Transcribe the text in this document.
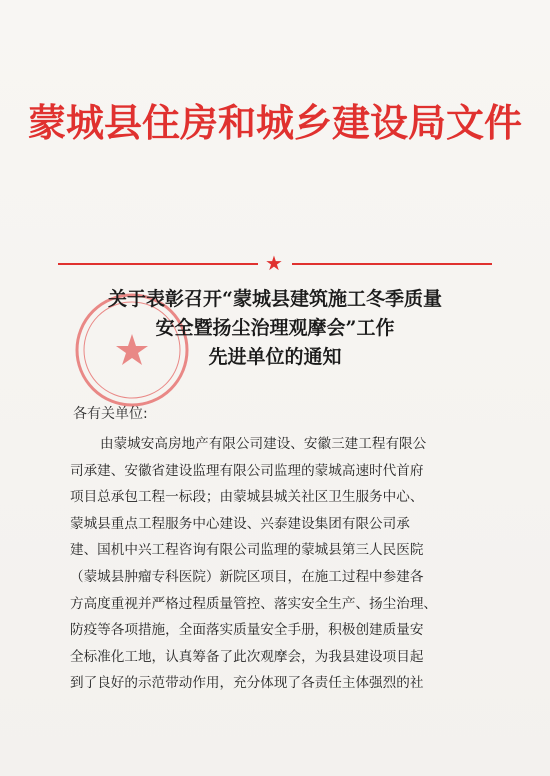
蒙城县住房和城乡建设局文件
★
关于表彰召开“蒙城县建筑施工冬季质量
安全暨扬尘治理观摩会”工作
先进单位的通知
各有关单位:
由蒙城安高房地产有限公司建设、安徽三建工程有限公
司承建、安徽省建设监理有限公司监理的蒙城高速时代首府
项目总承包工程一标段；由蒙城县城关社区卫生服务中心、
蒙城县重点工程服务中心建设、兴泰建设集团有限公司承
建、国机中兴工程咨询有限公司监理的蒙城县第三人民医院
（蒙城县肿瘤专科医院）新院区项目，在施工过程中参建各
方高度重视并严格过程质量管控、落实安全生产、扬尘治理、
防疫等各项措施，全面落实质量安全手册，积极创建质量安
全标准化工地，认真筹备了此次观摩会，为我县建设项目起
到了良好的示范带动作用，充分体现了各责任主体强烈的社
